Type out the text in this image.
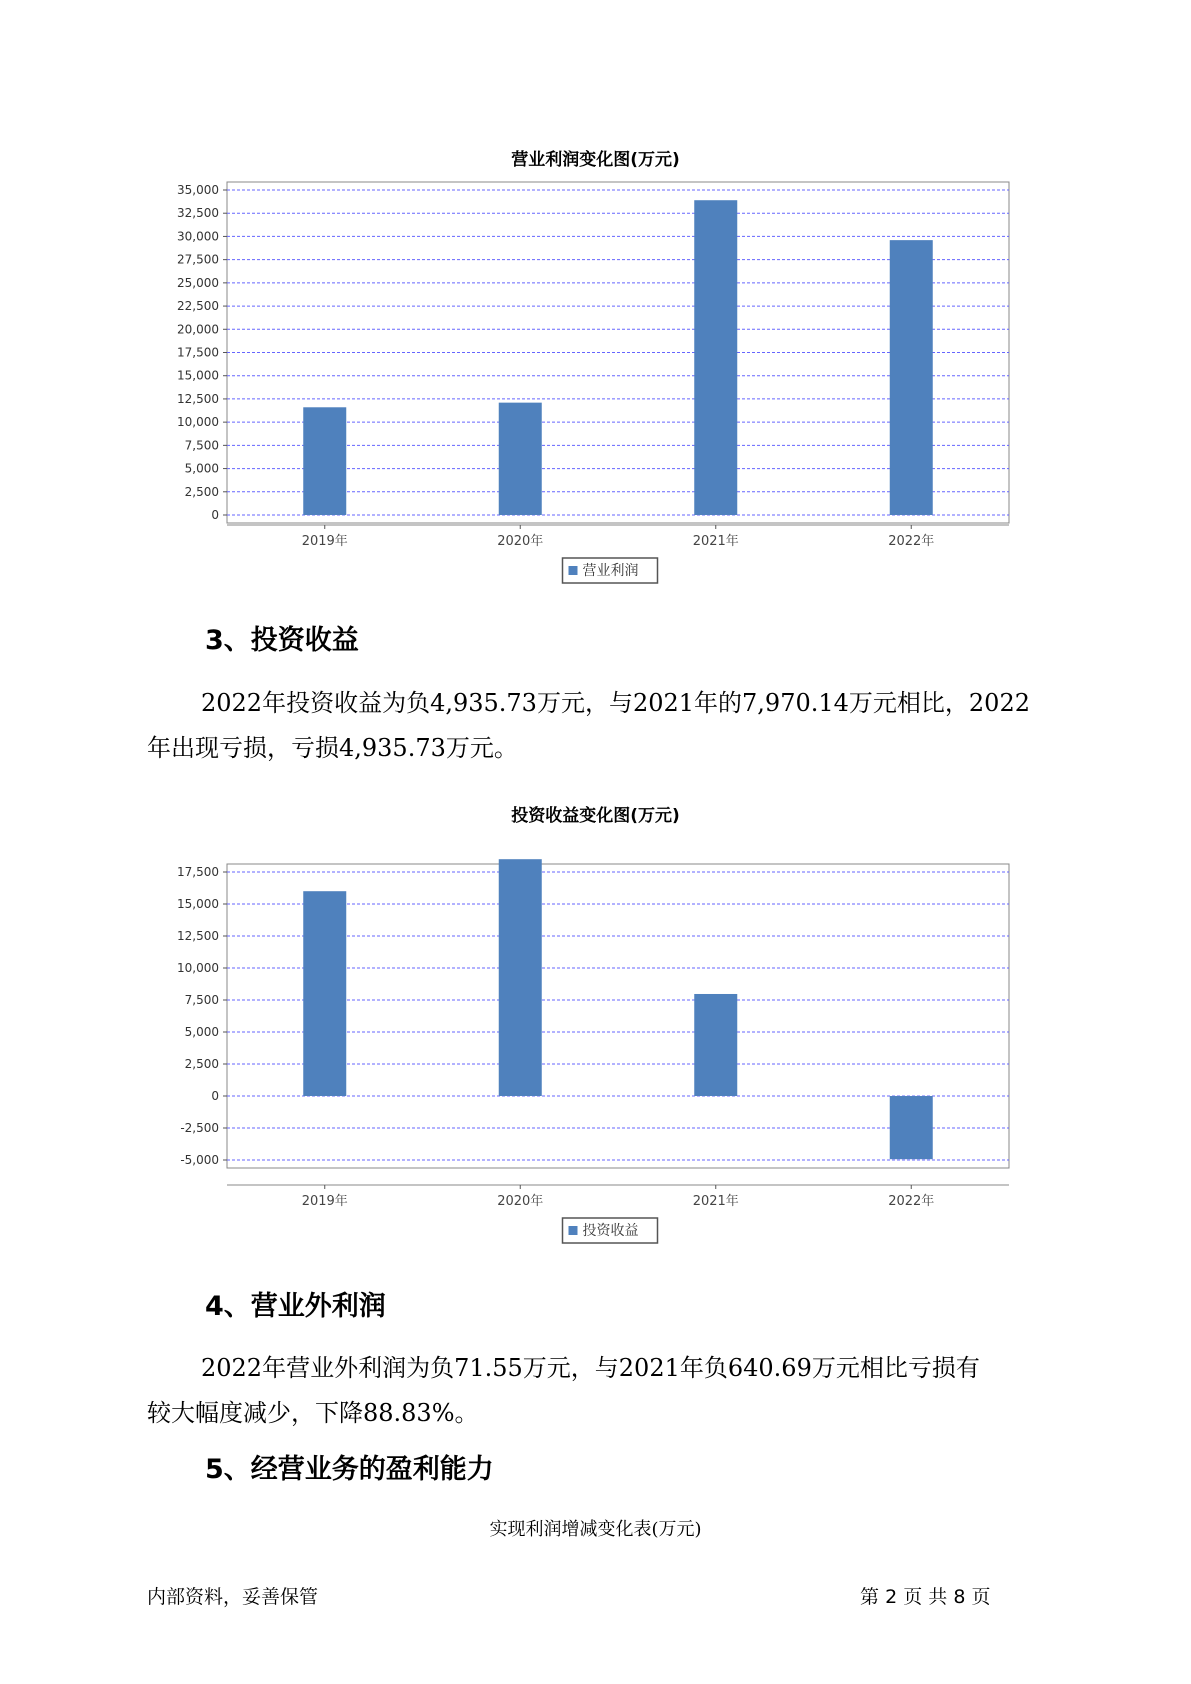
营业利润变化图(万元)
0
2,500
5,000
7,500
10,000
12,500
15,000
17,500
20,000
22,500
25,000
27,500
30,000
32,500
35,000
2019年	2020年	2021年	2022年
营业利润
3、投资收益

2022年投资收益为负4,935.73万元，与2021年的7,970.14万元相比，2022
年出现亏损，亏损4,935.73万元。

投资收益变化图(万元)
-5,000
-2,500
0
2,500
5,000
7,500
10,000
12,500
15,000
17,500
2019年	2020年	2021年	2022年
投资收益
4、营业外利润

2022年营业外利润为负71.55万元，与2021年负640.69万元相比亏损有
较大幅度减少，下降88.83%。

5、经营业务的盈利能力
实现利润增减变化表(万元)
内部资料，妥善保管	第 2 页 共 8 页
